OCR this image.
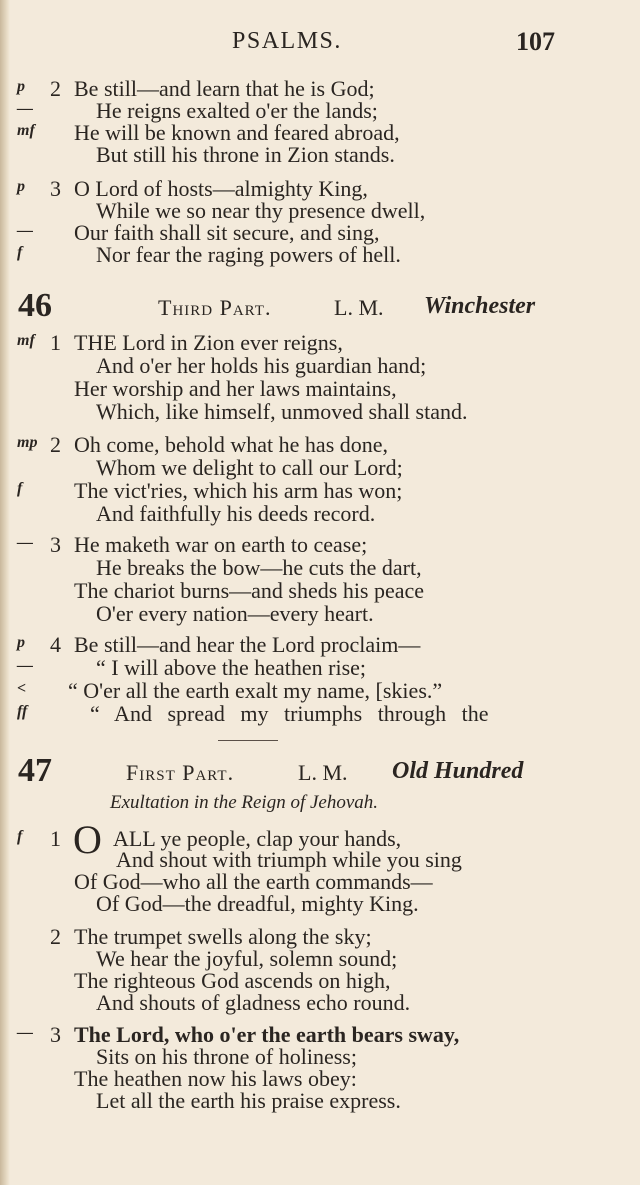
PSALMS.	107
p 2 Be still—and learn that he is God;
—	He reigns exalted o'er the lands;
mf He will be known and feared abroad,
But still his throne in Zion stands.
p 3 O Lord of hosts—almighty King,
While we so near thy presence dwell,
— Our faith shall sit secure, and sing,
f	Nor fear the raging powers of hell.
46	Third Part.	L. M. Winchester
mf 1 THE Lord in Zion ever reigns,
And o'er her holds his guardian hand;
Her worship and her laws maintains,
Which, like himself, unmoved shall stand.
mp 2 Oh come, behold what he has done,
Whom we delight to call our Lord;
f The vict'ries, which his arm has won;
And faithfully his deeds record.
— 3 He maketh war on earth to cease;
He breaks the bow—he cuts the dart,
The chariot burns—and sheds his peace
O'er every nation—every heart.
p 4 Be still—and hear the Lord proclaim—
—	“ I will above the heathen rise;
< “ O'er all the earth exalt my name, [skies.”
ff	“ And spread my triumphs through the
47	First Part.	L. M. Old Hundred
Exultation in the Reign of Jehovah.
f 1 O ALL ye people, clap your hands,
And shout with triumph while you sing
Of God—who all the earth commands—
Of God—the dreadful, mighty King.
2 The trumpet swells along the sky;
We hear the joyful, solemn sound;
The righteous God ascends on high,
And shouts of gladness echo round.
— 3 The Lord, who o'er the earth bears sway,
Sits on his throne of holiness;
The heathen now his laws obey:
Let all the earth his praise express.
